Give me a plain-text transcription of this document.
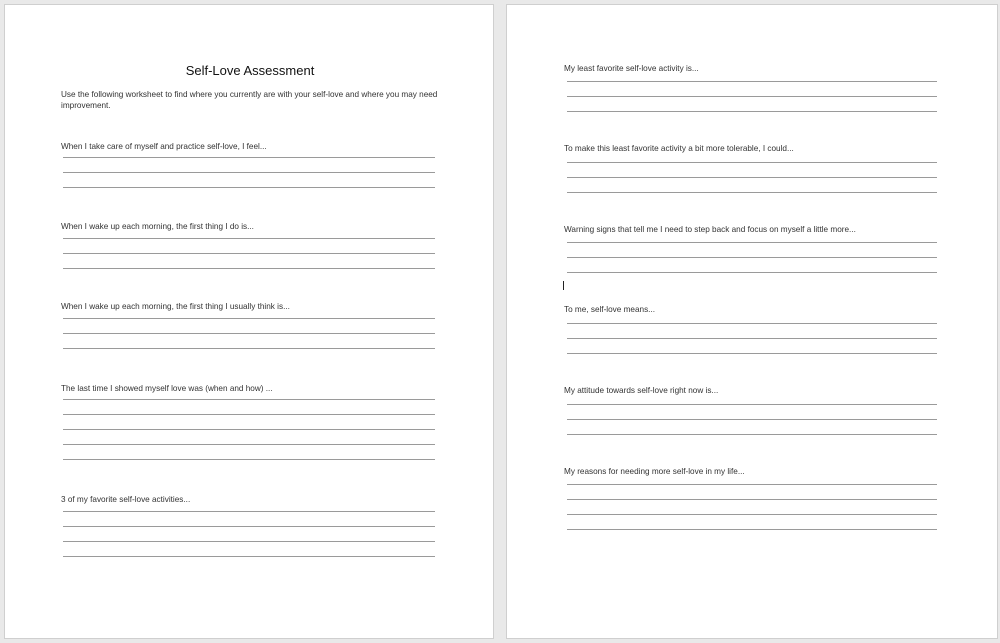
Self-Love Assessment
Use the following worksheet to find where you currently are with your self-love and where you may need improvement.
When I take care of myself and practice self-love, I feel...
When I wake up each morning, the first thing I do is...
When I wake up each morning, the first thing I usually think is...
The last time I showed myself love was (when and how) ...
3 of my favorite self-love activities...
My least favorite self-love activity is...
To make this least favorite activity a bit more tolerable, I could...
Warning signs that tell me I need to step back and focus on myself a little more...
To me, self-love means...
My attitude towards self-love right now is...
My reasons for needing more self-love in my life...
